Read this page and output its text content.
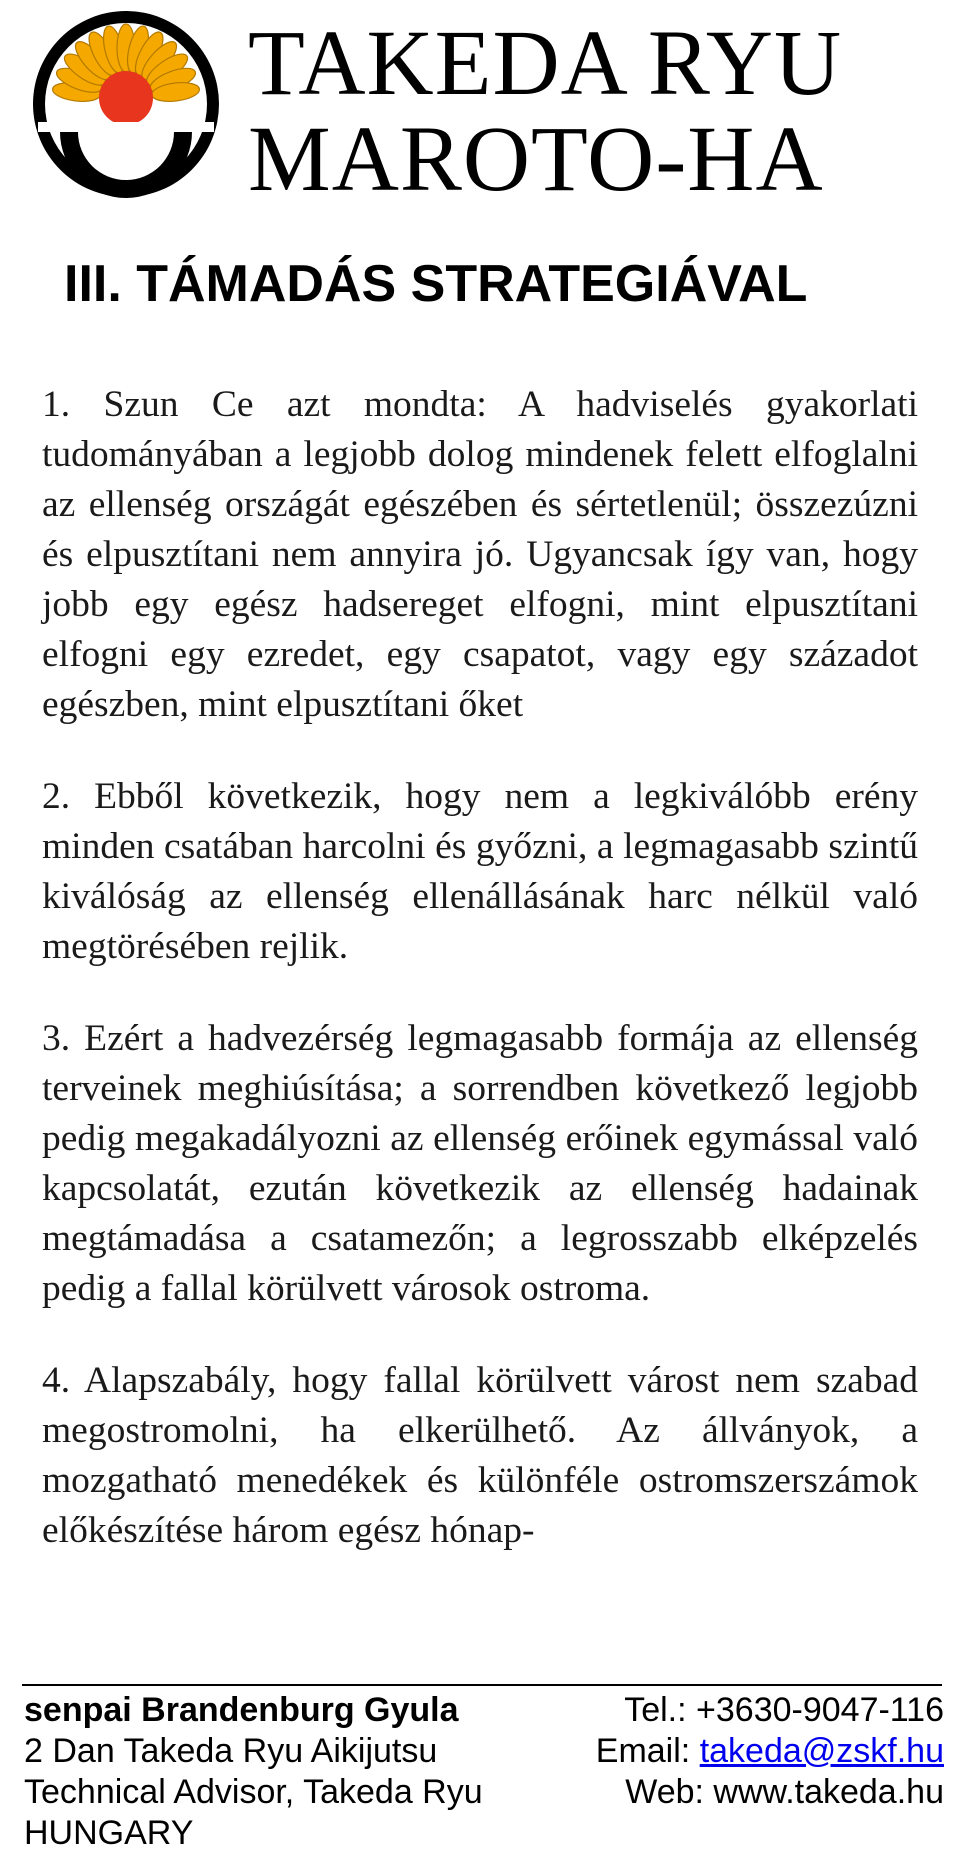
TAKEDA RYU
MAROTO-HA
III. TÁMADÁS STRATEGIÁVAL

1. Szun Ce azt mondta: A hadviselés gyakorlati tudományában a legjobb dolog mindenek felett elfoglalni az ellenség országát egészében és sértetlenül; összezúzni és elpusztítani nem annyira jó. Ugyancsak így van, hogy jobb egy egész hadsereget elfogni, mint elpusztítani elfogni egy ezredet, egy csapatot, vagy egy századot egészben, mint elpusztítani őket

2. Ebből következik, hogy nem a legkiválóbb erény minden csatában harcolni és győzni, a legmagasabb szintű kiválóság az ellenség ellenállásának harc nélkül való megtörésében rejlik.

3. Ezért a hadvezérség legmagasabb formája az ellenség terveinek meghiúsítása; a sorrendben következő legjobb pedig megakadályozni az ellenség erőinek egymással való kapcsolatát, ezután következik az ellenség hadainak megtámadása a csatamezőn; a legrosszabb elképzelés pedig a fallal körülvett városok ostroma.

4. Alapszabály, hogy fallal körülvett várost nem szabad megostromolni, ha elkerülhető. Az állványok, a mozgatható menedékek és különféle ostromszerszámok előkészítése három egész hónap-

senpai Brandenburg Gyula
2 Dan Takeda Ryu Aikijutsu
Technical Advisor, Takeda Ryu
HUNGARY
Tel.: +3630-9047-116
Email: takeda@zskf.hu
Web: www.takeda.hu
